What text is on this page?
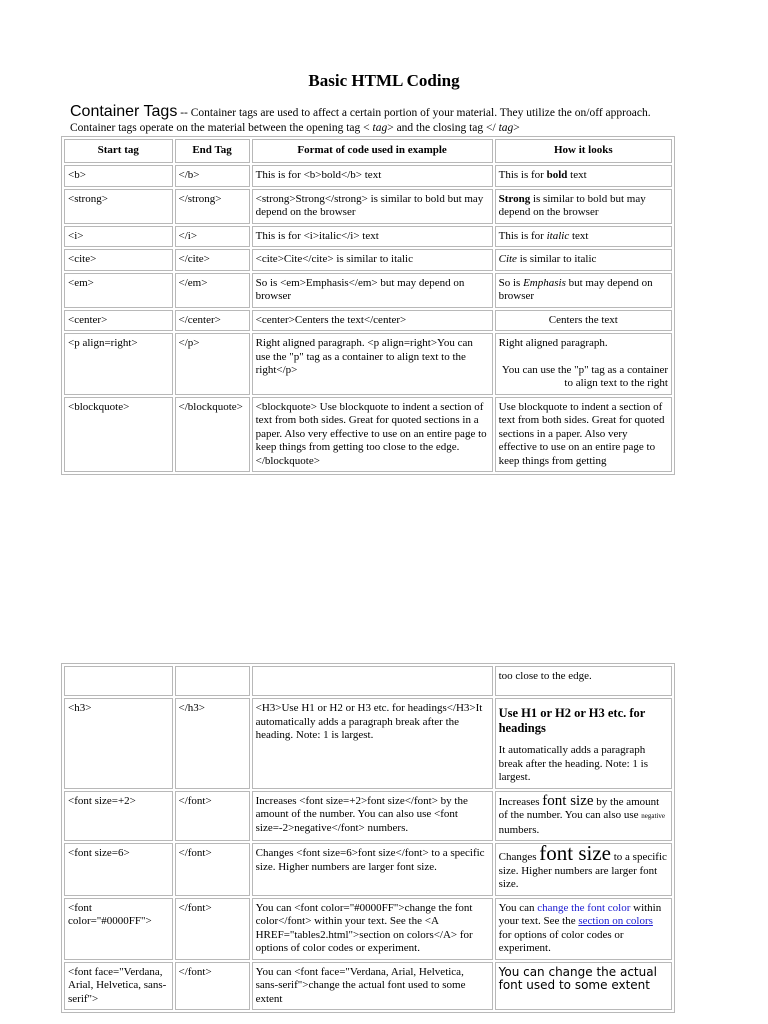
Basic HTML Coding
Container Tags -- Container tags are used to affect a certain portion of your material. They utilize the on/off approach.
Container tags operate on the material between the opening tag < tag> and the closing tag </ tag>
Start tag	End Tag	Format of code used in example	How it looks
<b>	</b>	This is for <b>bold</b> text	This is for bold text
<strong>	</strong>	<strong>Strong</strong> is similar to bold but may depend on the browser	Strong is similar to bold but may depend on the browser
<i>	</i>	This is for <i>italic</i> text	This is for italic text
<cite>	</cite>	<cite>Cite</cite> is similar to italic	Cite is similar to italic
<em>	</em>	So is <em>Emphasis</em> but may depend on browser	So is Emphasis but may depend on browser
<center>	</center>	<center>Centers the text</center>	Centers the text
<p align=right>	</p>	Right aligned paragraph. <p align=right>You can use the "p" tag as a container to align text to the right</p>	Right aligned paragraph.
You can use the "p" tag as a container to align text to the right

<blockquote>	</blockquote>	<blockquote> Use blockquote to indent a section of text from both sides. Great for quoted sections in a paper. Also very effective to use on an entire page to keep things from getting too close to the edge.</blockquote>	Use blockquote to indent a section of text from both sides. Great for quoted sections in a paper. Also very effective to use on an entire page to keep things from getting
			too close to the edge.
<h3>	</h3>	<H3>Use H1 or H2 or H3 etc. for headings</H3>It automatically adds a paragraph break after the heading. Note: 1 is largest.	Use H1 or H2 or H3 etc. for headings
It automatically adds a paragraph break after the heading. Note: 1 is largest.

<font size=+2>	</font>	Increases <font size=+2>font size</font> by the amount of the number. You can also use <font size=-2>negative</font> numbers.	Increases font size by the amount of the number. You can also use negative numbers.
<font size=6>	</font>	Changes <font size=6>font size</font> to a specific size. Higher numbers are larger font size.	Changes font size to a specific size. Higher numbers are larger font size.
<font color="#0000FF">	</font>	You can <font color="#0000FF">change the font color</font> within your text. See the <A HREF="tables2.html">section on colors</A> for options of color codes or experiment.	You can change the font color within your text. See the section on colors for options of color codes or experiment.
<font face="Verdana, Arial, Helvetica, sans-serif">	</font>	You can <font face="Verdana, Arial, Helvetica, sans-serif">change the actual font used to some extent	You can change the actual font used to some extent
